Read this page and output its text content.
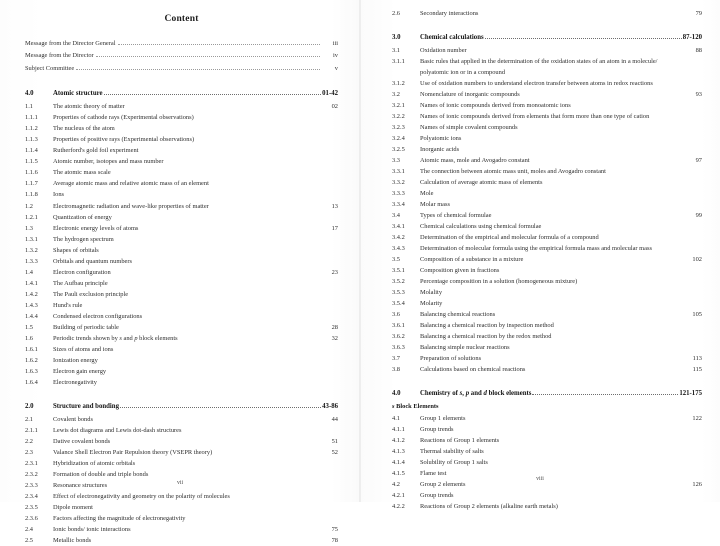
Content
Message from the Director General	iii
Message from the Director	iv
Subject Committee	v
4.0	Atomic structure	01-42
1.1	The atomic theory of matter	02
1.1.1	Properties of cathode rays (Experimental observations)
1.1.2	The nucleus of the atom
1.1.3	Properties of positive rays (Experimental observations)
1.1.4	Rutherford's gold foil experiment
1.1.5	Atomic number, isotopes and mass number
1.1.6	The atomic mass scale
1.1.7	Average atomic mass and relative atomic mass of an element
1.1.8	Ions
1.2	Electromagnetic radiation and wave-like properties of matter	13
1.2.1	Quantization of energy
1.3	Electronic energy levels of atoms	17
1.3.1	The hydrogen spectrum
1.3.2	Shapes of orbitals
1.3.3	Orbitals and quantum numbers
1.4	Electron configuration	23
1.4.1	The Aufbau principle
1.4.2	The Pauli exclusion principle
1.4.3	Hund's rule
1.4.4	Condensed electron configurations
1.5	Building of periodic table	28
1.6	Periodic trends shown by s and p block elements	32
1.6.1	Sizes of atoms and ions
1.6.2	Ionization energy
1.6.3	Electron gain energy
1.6.4	Electronegativity
2.0	Structure and bonding	43-86
2.1	Covalent bonds	44
2.1.1	Lewis dot diagrams and Lewis dot-dash structures
2.2	Dative covalent bonds	51
2.3	Valance Shell Electron Pair Repulsion theory (VSEPR theory)	52
2.3.1	Hybridization of atomic orbitals
2.3.2	Formation of double and triple bonds
2.3.3	Resonance structures
2.3.4	Effect of electronegativity and geometry on the polarity of molecules
2.3.5	Dipole moment
2.3.6	Factors affecting the magnitude of electronegativity
2.4	Ionic bonds/ ionic interactions	75
2.5	Metallic bonds	78
vii
2.6	Secondary interactions	79
3.0	Chemical calculations	87-120
3.1	Oxidation number	88
3.1.1	Basic rules that applied in the determination of the oxidation states of an atom in a molecule/ polyatomic ion or in a compound
3.1.2	Use of oxidation numbers to understand electron transfer between atoms in redox reactions
3.2	Nomenclature of inorganic compounds	93
3.2.1	Names of ionic compounds derived from monoatomic ions
3.2.2	Names of ionic compounds derived from elements that form more than one type of cation
3.2.3	Names of simple covalent compounds
3.2.4	Polyatomic ions
3.2.5	Inorganic acids
3.3	Atomic mass, mole and Avogadro constant	97
3.3.1	The connection between atomic mass unit, moles and Avogadro constant
3.3.2	Calculation of average atomic mass of elements
3.3.3	Mole
3.3.4	Molar mass
3.4	Types of chemical formulae	99
3.4.1	Chemical calculations using chemical formulae
3.4.2	Determination of the empirical and molecular formula of a compound
3.4.3	Determination of molecular formula using the empirical formula mass and molecular mass
3.5	Composition of a substance in a mixture	102
3.5.1	Composition given in fractions
3.5.2	Percentage composition in a solution (homogeneous mixture)
3.5.3	Molality
3.5.4	Molarity
3.6	Balancing chemical reactions	105
3.6.1	Balancing a chemical reaction by inspection method
3.6.2	Balancing a chemical reaction by the redox method
3.6.3	Balancing simple nuclear reactions
3.7	Preparation of solutions	113
3.8	Calculations based on chemical reactions	115
4.0	Chemistry of s, p and d block elements	121-175
s Block Elements
4.1	Group 1 elements	122
4.1.1	Group trends
4.1.2	Reactions of Group 1 elements
4.1.3	Thermal stability of salts
4.1.4	Solubility of Group 1 salts
4.1.5	Flame test
4.2	Group 2 elements	126
4.2.1	Group trends
4.2.2	Reactions of Group 2 elements (alkaline earth metals)
viii
